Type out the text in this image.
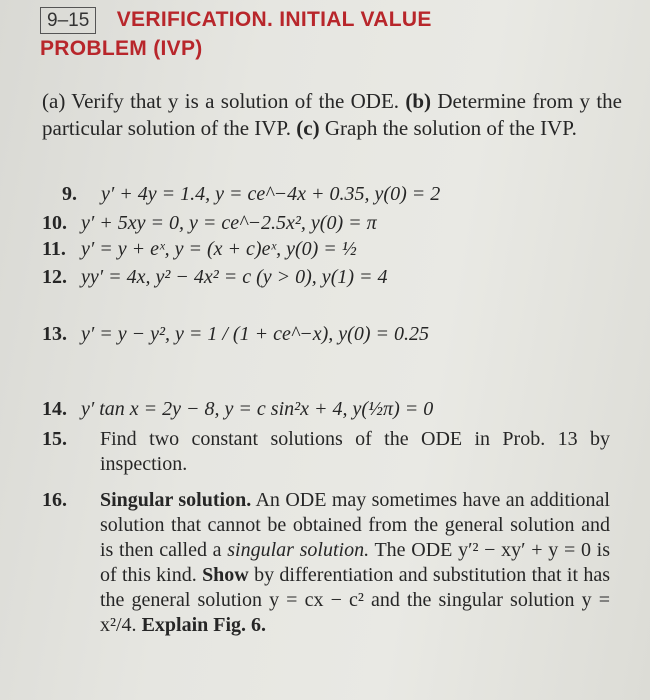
9–15 VERIFICATION. INITIAL VALUE
PROBLEM (IVP)
(a) Verify that y is a solution of the ODE. (b) Determine from y the particular solution of the IVP. (c) Graph the solution of the IVP.
9. y′ + 4y = 1.4, y = ce^−4x + 0.35, y(0) = 2
10. y′ + 5xy = 0, y = ce^−2.5x², y(0) = π
11. y′ = y + eˣ, y = (x + c)eˣ, y(0) = ½
12. yy′ = 4x, y² − 4x² = c (y > 0), y(1) = 4
13. y′ = y − y², y = 1 / (1 + ce^−x), y(0) = 0.25
14. y′ tan x = 2y − 8, y = c sin²x + 4, y(½π) = 0
15. Find two constant solutions of the ODE in Prob. 13 by inspection.
16. Singular solution. An ODE may sometimes have an additional solution that cannot be obtained from the general solution and is then called a singular solution. The ODE y′² − xy′ + y = 0 is of this kind. Show by differentiation and substitution that it has the general solution y = cx − c² and the singular solution y = x²/4. Explain Fig. 6.
